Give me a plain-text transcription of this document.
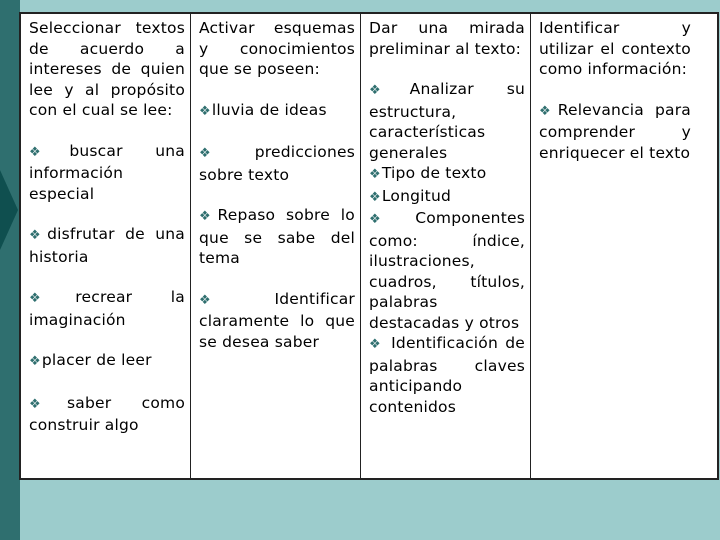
Seleccionar textos de acuerdo a intereses de quien lee y al propósito con el cual se lee:

❖buscar una información especial

❖disfrutar de una historia

❖recrear la imaginación

❖placer de leer

❖saber como construir algo

Activar esquemas y conocimientos que se poseen:

❖lluvia de ideas

❖predicciones sobre texto

❖Repaso sobre lo que se sabe del tema

❖Identificar claramente lo que se desea saber

Dar una mirada preliminar al texto:

❖Analizar su estructura, características generales

❖Tipo de texto

❖Longitud

❖Componentes como: índice, ilustraciones, cuadros, títulos, palabras destacadas y otros

❖ Identificación de palabras claves anticipando contenidos

Identificar y utilizar el contexto como información:

❖Relevancia para comprender y enriquecer el texto
